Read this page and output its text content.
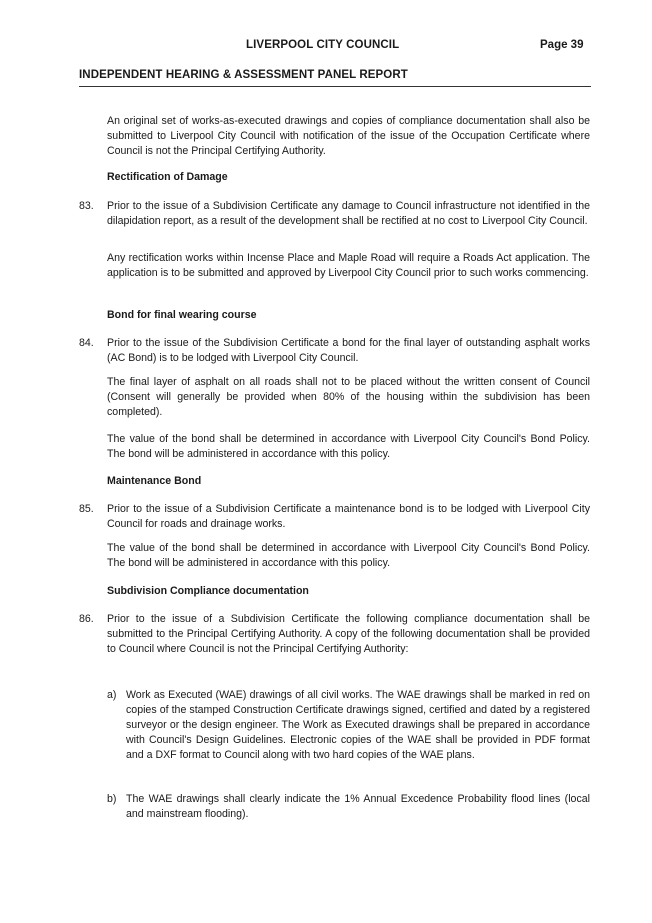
LIVERPOOL CITY COUNCIL	Page 39
INDEPENDENT HEARING & ASSESSMENT PANEL REPORT

An original set of works-as-executed drawings and copies of compliance documentation shall also be submitted to Liverpool City Council with notification of the issue of the Occupation Certificate where Council is not the Principal Certifying Authority.

Rectification of Damage

83. Prior to the issue of a Subdivision Certificate any damage to Council infrastructure not identified in the dilapidation report, as a result of the development shall be rectified at no cost to Liverpool City Council.

Any rectification works within Incense Place and Maple Road will require a Roads Act application. The application is to be submitted and approved by Liverpool City Council prior to such works commencing.

Bond for final wearing course

84. Prior to the issue of the Subdivision Certificate a bond for the final layer of outstanding asphalt works (AC Bond) is to be lodged with Liverpool City Council.

The final layer of asphalt on all roads shall not to be placed without the written consent of Council (Consent will generally be provided when 80% of the housing within the subdivision has been completed).

The value of the bond shall be determined in accordance with Liverpool City Council's Bond Policy. The bond will be administered in accordance with this policy.

Maintenance Bond

85. Prior to the issue of a Subdivision Certificate a maintenance bond is to be lodged with Liverpool City Council for roads and drainage works.

The value of the bond shall be determined in accordance with Liverpool City Council's Bond Policy. The bond will be administered in accordance with this policy.

Subdivision Compliance documentation

86. Prior to the issue of a Subdivision Certificate the following compliance documentation shall be submitted to the Principal Certifying Authority. A copy of the following documentation shall be provided to Council where Council is not the Principal Certifying Authority:

a) Work as Executed (WAE) drawings of all civil works. The WAE drawings shall be marked in red on copies of the stamped Construction Certificate drawings signed, certified and dated by a registered surveyor or the design engineer. The Work as Executed drawings shall be prepared in accordance with Council's Design Guidelines. Electronic copies of the WAE shall be provided in PDF format and a DXF format to Council along with two hard copies of the WAE plans.

b) The WAE drawings shall clearly indicate the 1% Annual Excedence Probability flood lines (local and mainstream flooding).
